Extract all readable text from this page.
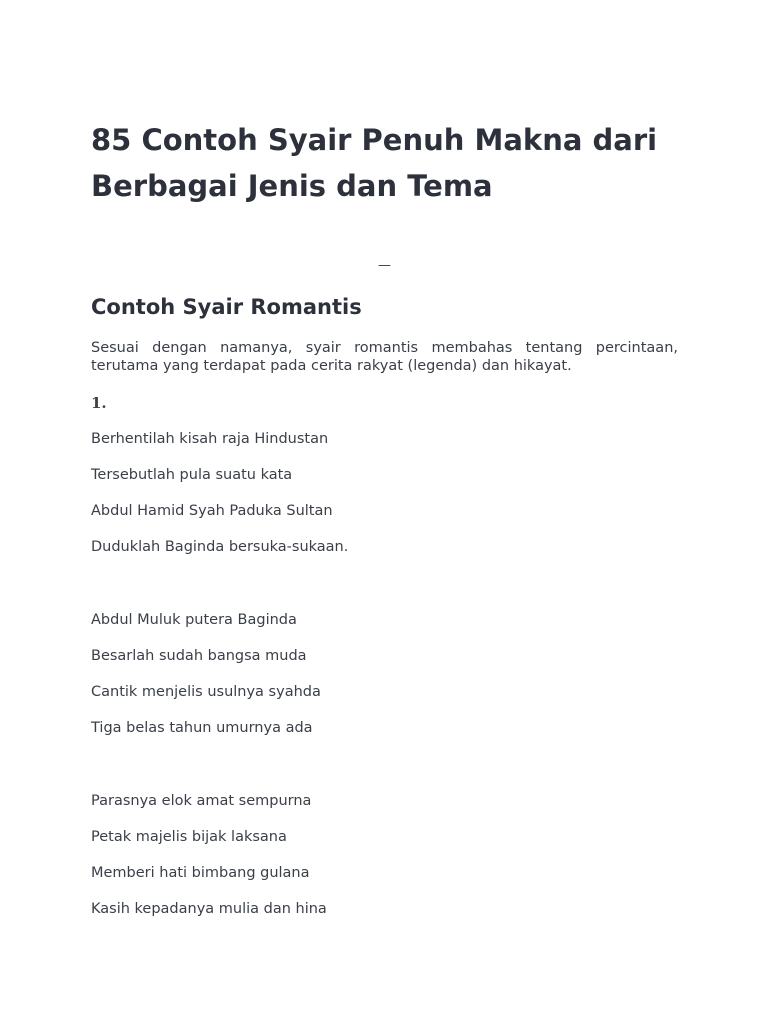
85 Contoh Syair Penuh Makna dari Berbagai Jenis dan Tema
—
Contoh Syair Romantis

Sesuai dengan namanya, syair romantis membahas tentang percintaan, terutama yang terdapat pada cerita rakyat (legenda) dan hikayat.

1.

Berhentilah kisah raja Hindustan

Tersebutlah pula suatu kata

Abdul Hamid Syah Paduka Sultan

Duduklah Baginda bersuka-sukaan.

Abdul Muluk putera Baginda

Besarlah sudah bangsa muda

Cantik menjelis usulnya syahda

Tiga belas tahun umurnya ada

Parasnya elok amat sempurna

Petak majelis bijak laksana

Memberi hati bimbang gulana

Kasih kepadanya mulia dan hina
